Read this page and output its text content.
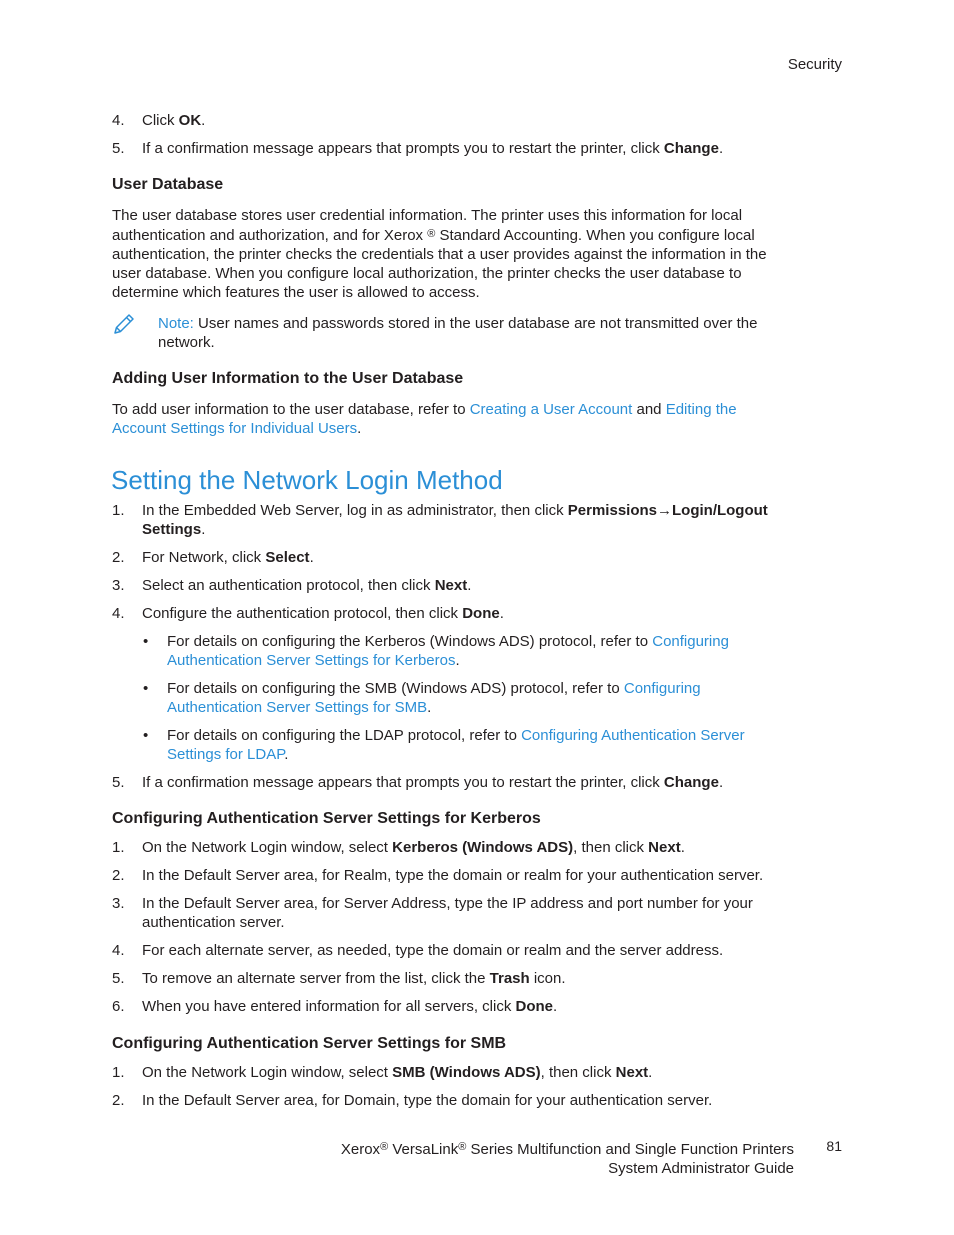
Security
4. Click OK.
5. If a confirmation message appears that prompts you to restart the printer, click Change.
User Database
The user database stores user credential information. The printer uses this information for local
authentication and authorization, and for Xerox ® Standard Accounting. When you configure local
authentication, the printer checks the credentials that a user provides against the information in the
user database. When you configure local authorization, the printer checks the user database to
determine which features the user is allowed to access.
Note: User names and passwords stored in the user database are not transmitted over the
network.
Adding User Information to the User Database
To add user information to the user database, refer to Creating a User Account and Editing the
Account Settings for Individual Users.
Setting the Network Login Method
1. In the Embedded Web Server, log in as administrator, then click Permissions→Login/Logout
Settings.
2. For Network, click Select.
3. Select an authentication protocol, then click Next.
4. Configure the authentication protocol, then click Done.
• For details on configuring the Kerberos (Windows ADS) protocol, refer to Configuring
Authentication Server Settings for Kerberos.
• For details on configuring the SMB (Windows ADS) protocol, refer to Configuring
Authentication Server Settings for SMB.
• For details on configuring the LDAP protocol, refer to Configuring Authentication Server
Settings for LDAP.
5. If a confirmation message appears that prompts you to restart the printer, click Change.
Configuring Authentication Server Settings for Kerberos
1. On the Network Login window, select Kerberos (Windows ADS), then click Next.
2. In the Default Server area, for Realm, type the domain or realm for your authentication server.
3. In the Default Server area, for Server Address, type the IP address and port number for your
authentication server.
4. For each alternate server, as needed, type the domain or realm and the server address.
5. To remove an alternate server from the list, click the Trash icon.
6. When you have entered information for all servers, click Done.
Configuring Authentication Server Settings for SMB
1. On the Network Login window, select SMB (Windows ADS), then click Next.
2. In the Default Server area, for Domain, type the domain for your authentication server.
Xerox® VersaLink® Series Multifunction and Single Function Printers
System Administrator Guide
81
